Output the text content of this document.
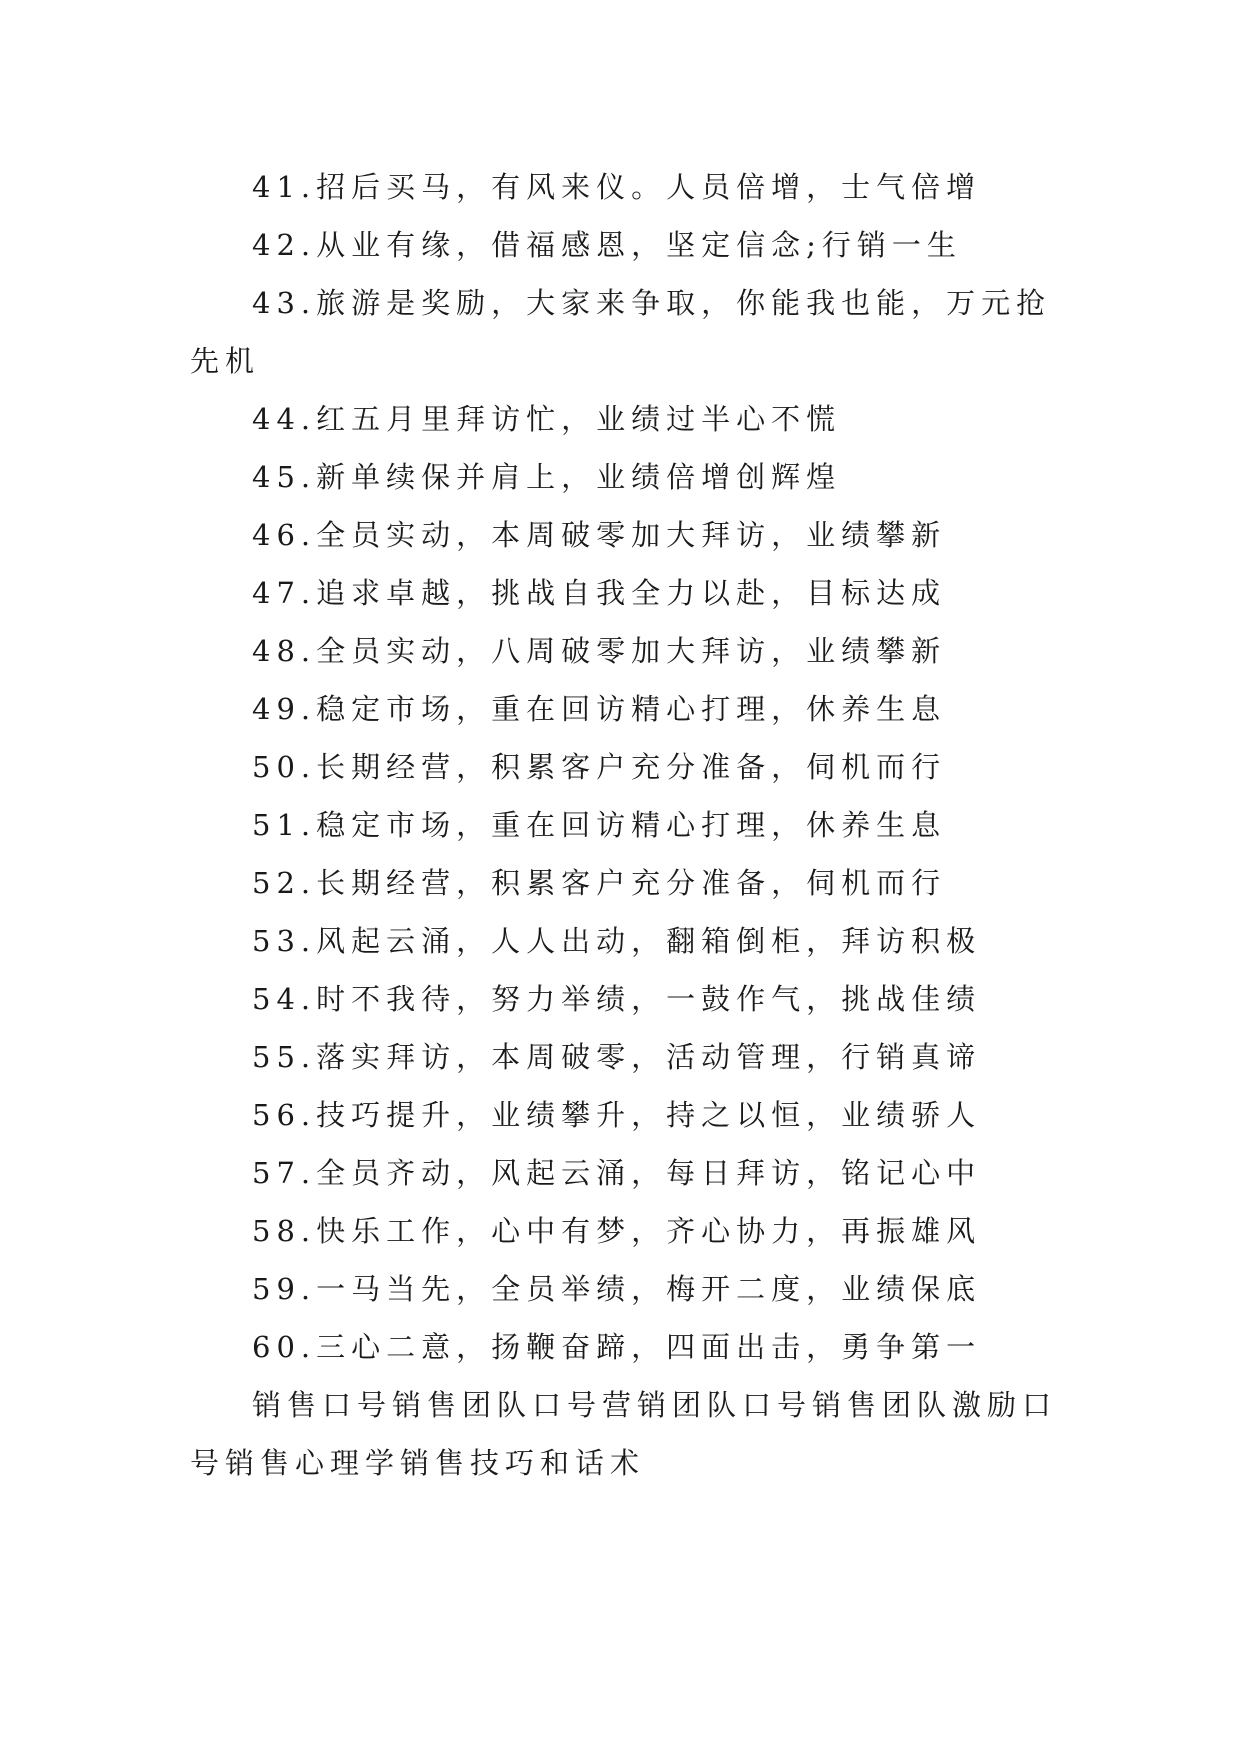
41.招后买马，有风来仪。人员倍增，士气倍增

42.从业有缘，借福感恩，坚定信念;行销一生

43.旅游是奖励，大家来争取，你能我也能，万元抢先机

44.红五月里拜访忙，业绩过半心不慌

45.新单续保并肩上，业绩倍增创辉煌

46.全员实动，本周破零加大拜访，业绩攀新

47.追求卓越，挑战自我全力以赴，目标达成

48.全员实动，八周破零加大拜访，业绩攀新

49.稳定市场，重在回访精心打理，休养生息

50.长期经营，积累客户充分准备，伺机而行

51.稳定市场，重在回访精心打理，休养生息

52.长期经营，积累客户充分准备，伺机而行

53.风起云涌，人人出动，翻箱倒柜，拜访积极

54.时不我待，努力举绩，一鼓作气，挑战佳绩

55.落实拜访，本周破零，活动管理，行销真谛

56.技巧提升，业绩攀升，持之以恒，业绩骄人

57.全员齐动，风起云涌，每日拜访，铭记心中

58.快乐工作，心中有梦，齐心协力，再振雄风

59.一马当先，全员举绩，梅开二度，业绩保底

60.三心二意，扬鞭奋蹄，四面出击，勇争第一

销售口号销售团队口号营销团队口号销售团队激励口号销售心理学销售技巧和话术
